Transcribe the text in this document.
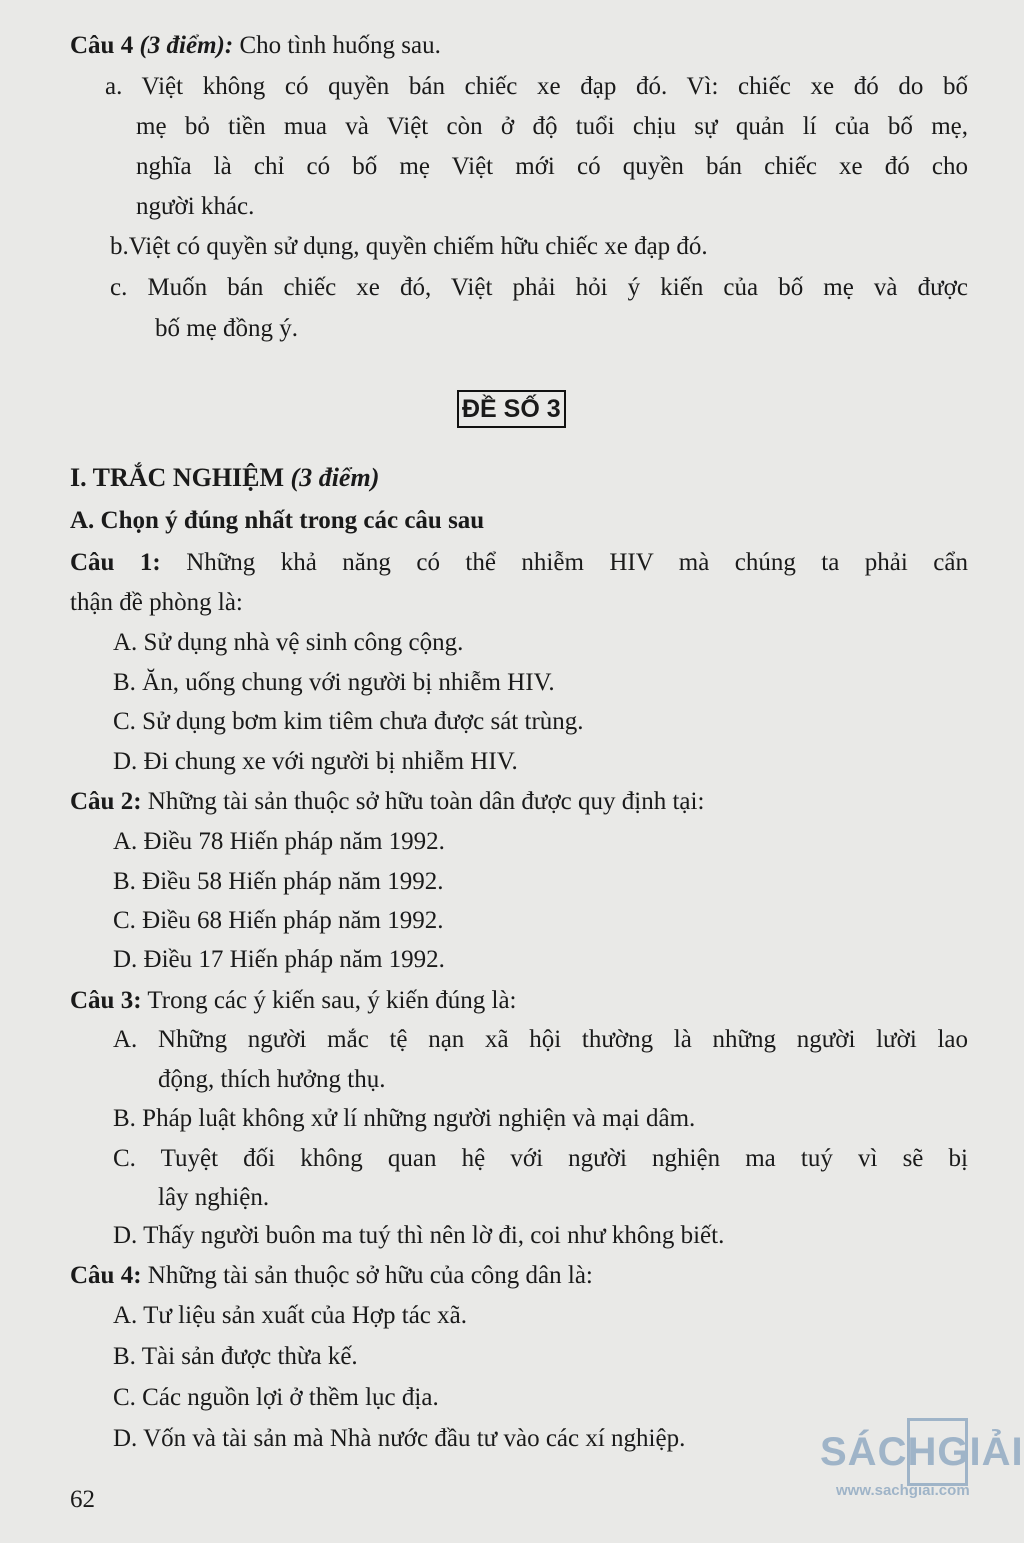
Câu 4 (3 điểm): Cho tình huống sau.
a. Việt không có quyền bán chiếc xe đạp đó. Vì: chiếc xe đó do bố
mẹ bỏ tiền mua và Việt còn ở độ tuổi chịu sự quản lí của bố mẹ,
nghĩa là chỉ có bố mẹ Việt mới có quyền bán chiếc xe đó cho
người khác.
b.Việt có quyền sử dụng, quyền chiếm hữu chiếc xe đạp đó.
c. Muốn bán chiếc xe đó, Việt phải hỏi ý kiến của bố mẹ và được
bố mẹ đồng ý.
ĐỀ SỐ 3
I. TRẮC NGHIỆM (3 điểm)
A. Chọn ý đúng nhất trong các câu sau
Câu 1: Những khả năng có thể nhiễm HIV mà chúng ta phải cẩn
thận đề phòng là:
A. Sử dụng nhà vệ sinh công cộng.
B. Ăn, uống chung với người bị nhiễm HIV.
C. Sử dụng bơm kim tiêm chưa được sát trùng.
D. Đi chung xe với người bị nhiễm HIV.
Câu 2: Những tài sản thuộc sở hữu toàn dân được quy định tại:
A. Điều 78 Hiến pháp năm 1992.
B. Điều 58 Hiến pháp năm 1992.
C. Điều 68 Hiến pháp năm 1992.
D. Điều 17 Hiến pháp năm 1992.
Câu 3: Trong các ý kiến sau, ý kiến đúng là:
A. Những người mắc tệ nạn xã hội thường là những người lười lao
động, thích hưởng thụ.
B. Pháp luật không xử lí những người nghiện và mại dâm.
C. Tuyệt đối không quan hệ với người nghiện ma tuý vì sẽ bị
lây nghiện.
D. Thấy người buôn ma tuý thì nên lờ đi, coi như không biết.
Câu 4: Những tài sản thuộc sở hữu của công dân là:
A. Tư liệu sản xuất của Hợp tác xã.
B. Tài sản được thừa kế.
C. Các nguồn lợi ở thềm lục địa.
D. Vốn và tài sản mà Nhà nước đầu tư vào các xí nghiệp.
62
SÁCHGIẢI
www.sachgiai.com
